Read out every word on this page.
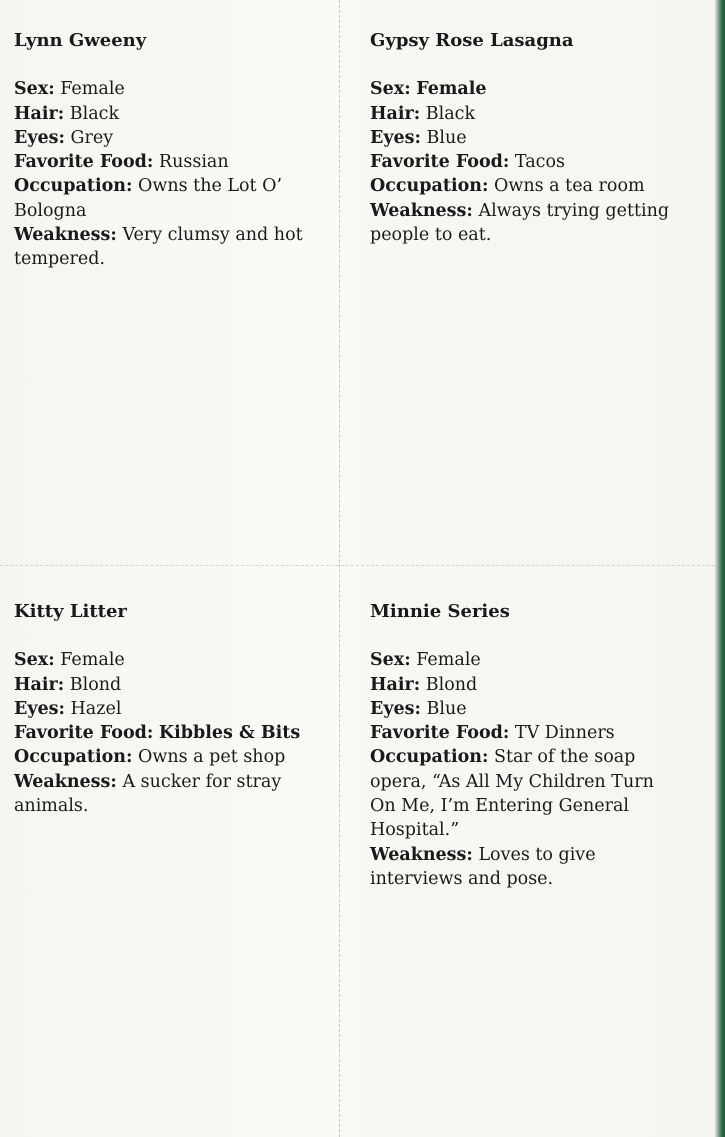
Lynn Gweeny

Sex: Female

Hair: Black

Eyes: Grey

Favorite Food: Russian

Occupation: Owns the Lot O’ Bologna

Weakness: Very clumsy and hot tempered.

Gypsy Rose Lasagna

Sex: Female

Hair: Black

Eyes: Blue

Favorite Food: Tacos

Occupation: Owns a tea room

Weakness: Always trying getting people to eat.

Kitty Litter

Sex: Female

Hair: Blond

Eyes: Hazel

Favorite Food: Kibbles & Bits

Occupation: Owns a pet shop

Weakness: A sucker for stray animals.

Minnie Series

Sex: Female

Hair: Blond

Eyes: Blue

Favorite Food: TV Dinners

Occupation: Star of the soap opera, “As All My Children Turn On Me, I’m Entering General Hospital.”

Weakness: Loves to give interviews and pose.
